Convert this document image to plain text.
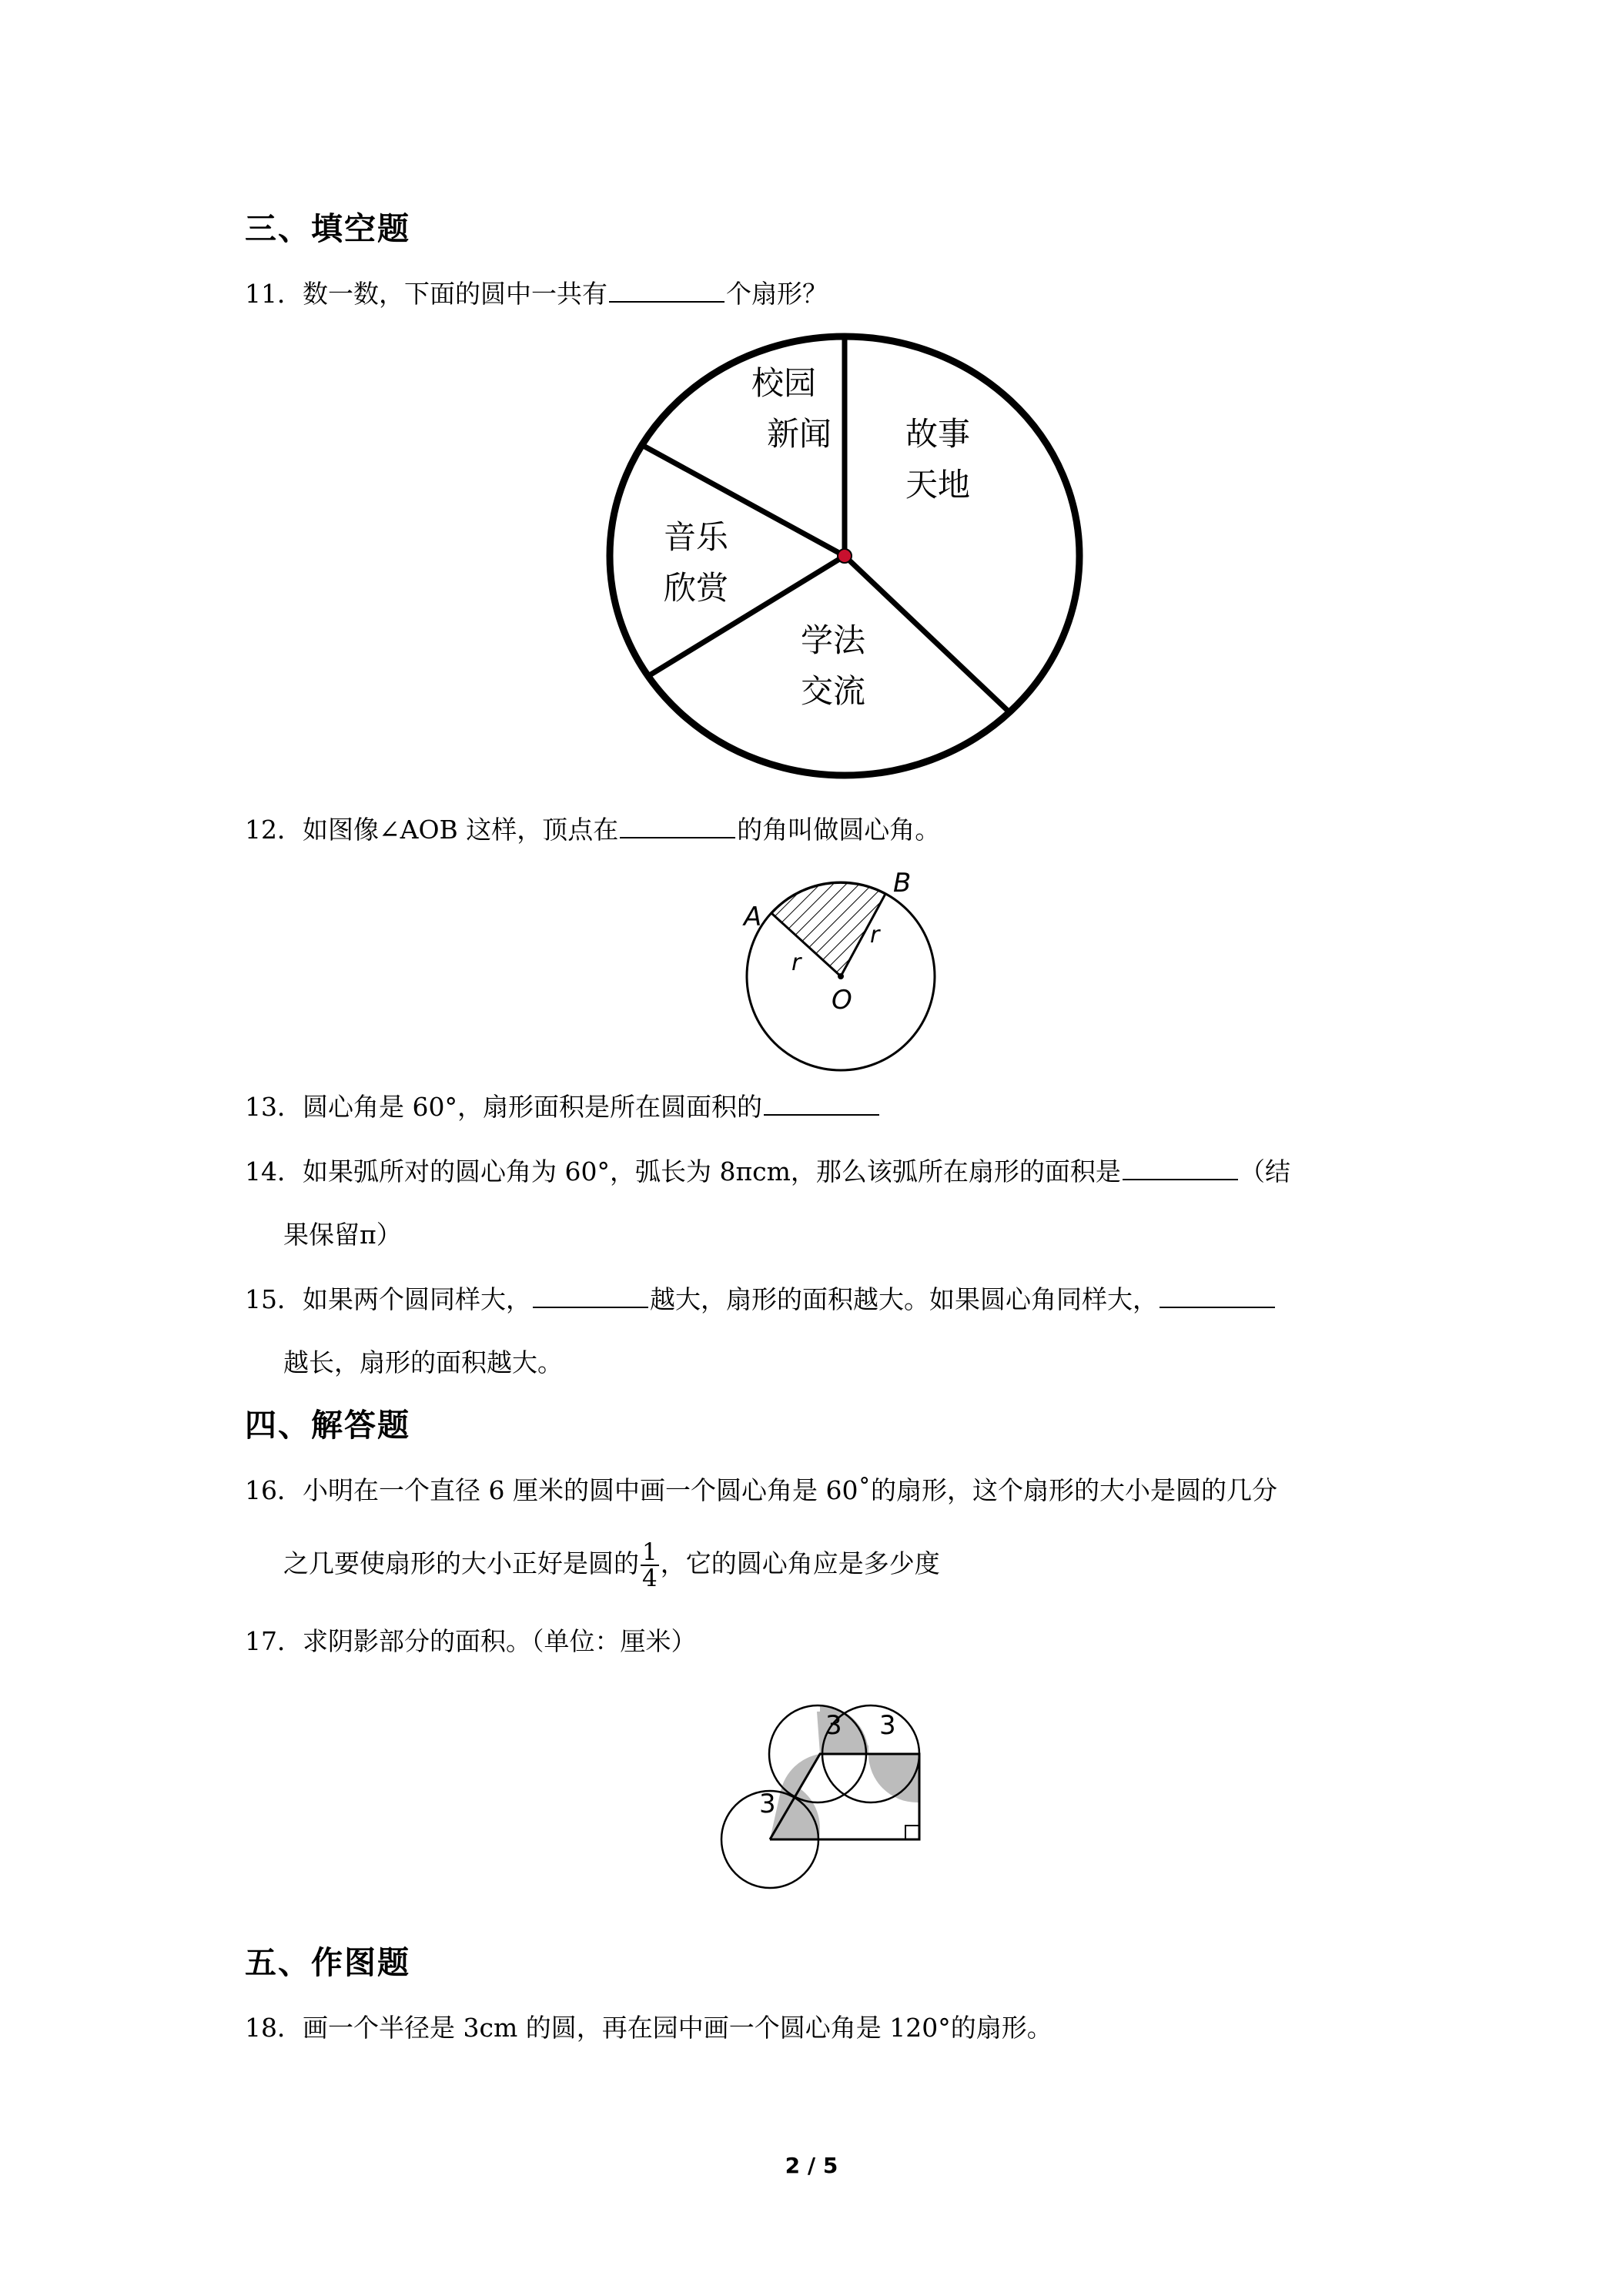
三、填空题
11．数一数，下面的圆中一共有	个扇形？
校园
新闻 故事
天地
音乐
欣赏
学法
交流
12．如图像∠AOB 这样，顶点在	的角叫做圆心角。
A
B
O
r
r
13．圆心角是 60°，扇形面积是所在圆面积的
14．如果弧所对的圆心角为 60°，弧长为 8πcm，那么该弧所在扇形的面积是	（结
果保留π）
15．如果两个圆同样大，	越大，扇形的面积越大。如果圆心角同样大，
越长，扇形的面积越大。
四、解答题
16．小明在一个直径 6 厘米的圆中画一个圆心角是 60˚的扇形，这个扇形的大小是圆的几分
之几要使扇形的大小正好是圆的 $\frac{1}{4}$ ，它的圆心角应是多少度
17．求阴影部分的面积。（单位：厘米）
3 3
3
五、作图题
18．画一个半径是 3cm 的圆，再在园中画一个圆心角是 120°的扇形。
2 / 5
